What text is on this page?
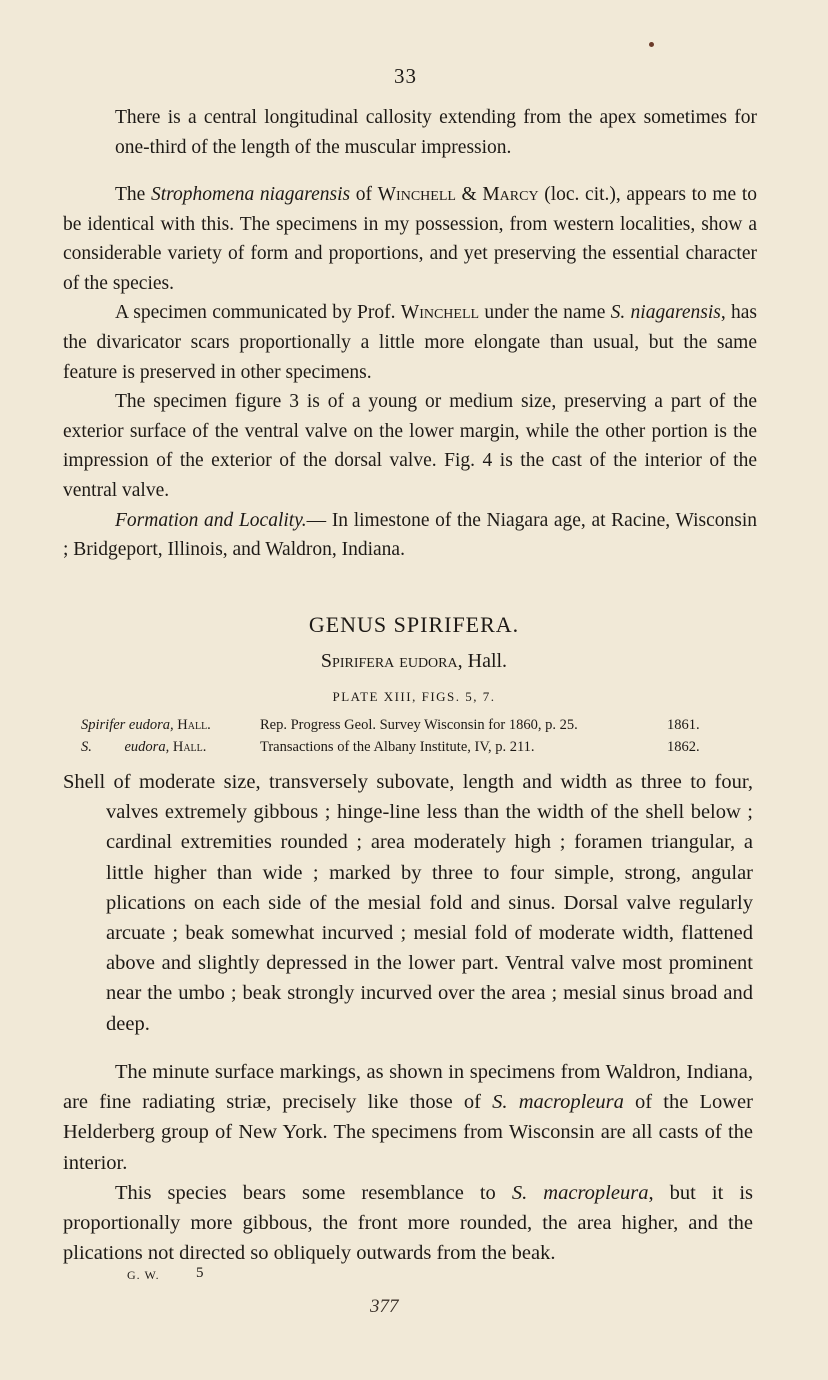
33

There is a central longitudinal callosity extending from the apex sometimes for one-third of the length of the muscular impression.

The Strophomena niagarensis of Winchell & Marcy (loc. cit.), appears to me to be identical with this. The specimens in my possession, from western localities, show a considerable variety of form and proportions, and yet preserving the essential character of the species.

A specimen communicated by Prof. Winchell under the name S. niagarensis, has the divaricator scars proportionally a little more elongate than usual, but the same feature is preserved in other specimens.

The specimen figure 3 is of a young or medium size, preserving a part of the exterior surface of the ventral valve on the lower margin, while the other portion is the impression of the exterior of the dorsal valve. Fig. 4 is the cast of the interior of the ventral valve.

Formation and Locality.— In limestone of the Niagara age, at Racine, Wisconsin ; Bridgeport, Illinois, and Waldron, Indiana.

GENUS SPIRIFERA.
Spirifera eudora, Hall.
PLATE XIII, FIGS. 5, 7.
Spirifer eudora, Hall.	Rep. Progress Geol. Survey Wisconsin for 1860, p. 25.	1861.
S.         eudora, Hall.	Transactions of the Albany Institute, IV, p. 211.	1862.

Shell of moderate size, transversely subovate, length and width as three to four, valves extremely gibbous ; hinge-line less than the width of the shell below ; cardinal extremities rounded ; area moderately high ; foramen triangular, a little higher than wide ; marked by three to four simple, strong, angular plications on each side of the mesial fold and sinus. Dorsal valve regularly arcuate ; beak somewhat incurved ; mesial fold of moderate width, flattened above and slightly depressed in the lower part. Ventral valve most prominent near the umbo ; beak strongly incurved over the area ; mesial sinus broad and deep.

The minute surface markings, as shown in specimens from Waldron, Indiana, are fine radiating striæ, precisely like those of S. macropleura of the Lower Helderberg group of New York. The specimens from Wisconsin are all casts of the interior.

This species bears some resemblance to S. macropleura, but it is proportionally more gibbous, the front more rounded, the area higher, and the plications not directed so obliquely outwards from the beak.

G. W. 5
377
